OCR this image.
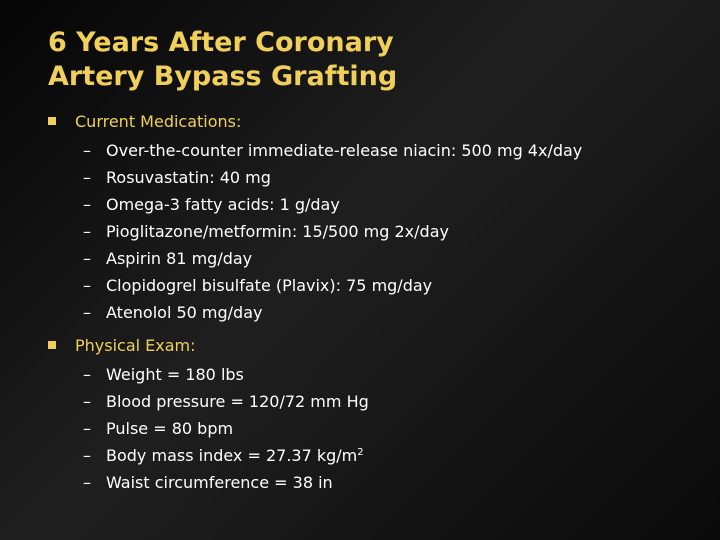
6 Years After Coronary
Artery Bypass Grafting
Current Medications:
– Over-the-counter immediate-release niacin: 500 mg 4x/day
– Rosuvastatin: 40 mg
– Omega-3 fatty acids: 1 g/day
– Pioglitazone/metformin: 15/500 mg 2x/day
– Aspirin 81 mg/day
– Clopidogrel bisulfate (Plavix): 75 mg/day
– Atenolol 50 mg/day
Physical Exam:
– Weight = 180 lbs
– Blood pressure = 120/72 mm Hg
– Pulse = 80 bpm
– Body mass index = 27.37 $kg/m^2$
– Waist circumference = 38 in
